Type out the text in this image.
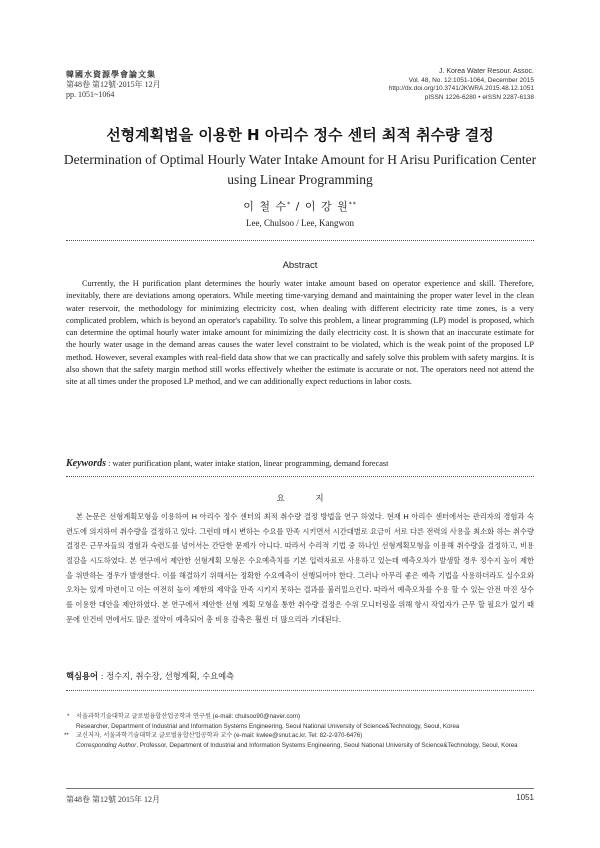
韓國水資源學會論文集
第48卷 第12號·2015年 12月
pp. 1051~1064
J. Korea Water Resour. Assoc.
Vol. 48, No. 12:1051-1064, December 2015
http://dx.doi.org/10.3741/JKWRA.2015.48.12.1051
pISSN 1226-6280 • eISSN 2287-6138
선형계획법을 이용한 H 아리수 정수 센터 최적 취수량 결정
Determination of Optimal Hourly Water Intake Amount for H Arisu Purification Center using Linear Programming
이 철 수* / 이 강 원**
Lee, Chulsoo / Lee, Kangwon
Abstract

Currently, the H purification plant determines the hourly water intake amount based on operator experience and skill. Therefore, inevitably, there are deviations among operators. While meeting time-varying demand and maintaining the proper water level in the clean water reservoir, the methodology for minimizing electricity cost, when dealing with different electricity rate time zones, is a very complicated problem, which is beyond an operator's capability. To solve this problem, a linear programming (LP) model is proposed, which can determine the optimal hourly water intake amount for minimizing the daily electricity cost. It is shown that an inaccurate estimate for the hourly water usage in the demand areas causes the water level constraint to be violated, which is the weak point of the proposed LP method. However, several examples with real-field data show that we can practically and safely solve this problem with safety margins. It is also shown that the safety margin method still works effectively whether the estimate is accurate or not. The operators need not attend the site at all times under the proposed LP method, and we can additionally expect reductions in labor costs.

Keywords : water purification plant, water intake station, linear programming, demand forecast
요 지

본 논문은 선형계획모형을 이용하여 H 아리수 정수 센터의 최적 취수량 결정 방법을 연구 하였다. 현재 H 아리수 센터에서는 관리자의 경험과 숙련도에 의지하여 취수량을 결정하고 있다. 그런데 매시 변하는 수요를 만족 시키면서 시간대별로 요금이 서로 다른 전력의 사용을 최소화 하는 취수량 결정은 근무자들의 경험과 숙련도를 넘어서는 간단한 문제가 아니다. 따라서 수리적 기법 중 하나인 선형계획모형을 이용해 취수량을 결정하고, 비용 절감을 시도하였다. 본 연구에서 제안한 선형계획 모형은 수요예측치를 기본 입력자료로 사용하고 있는데 예측오차가 발생할 경우 정수지 높이 제한을 위반하는 경우가 발생한다. 이를 해결하기 위해서는 정확한 수요예측이 선행되어야 한다. 그러나 아무리 좋은 예측 기법을 사용하더라도 실수요와 오차는 있게 마련이고 이는 여전히 높이 제한의 제약을 만족 시키지 못하는 결과를 불러일으킨다. 따라서 예측오차를 수용 할 수 있는 안전 마진 상수를 이용한 대안을 제안하였다. 본 연구에서 제안한 선형 계획 모형을 통한 취수량 결정은 수위 모니터링을 위해 항시 작업자가 근무 할 필요가 없기 때문에 인건비 면에서도 많은 절약이 예측되어 총 비용 감축은 훨씬 더 많으리라 기대된다.

핵심용어 : 정수지, 취수장, 선형계획, 수요예측
* 서울과학기술대학교 글로벌융합산업공학과 연구원 (e-mail: chulsoo90@naver.com)
Researcher, Department of Industrial and Information Systems Engineering, Seoul National University of Science&Technology, Seoul, Korea
** 교신저자, 서울과학기술대학교 글로벌융합산업공학과 교수 (e-mail: kwlee@snut.ac.kr, Tel: 82-2-970-6476)
Corresponding Author, Professor, Department of Industrial and Information Systems Engineering, Seoul National University of Science&Technology, Seoul, Korea
第48卷 第12號 2015年 12月	1051
